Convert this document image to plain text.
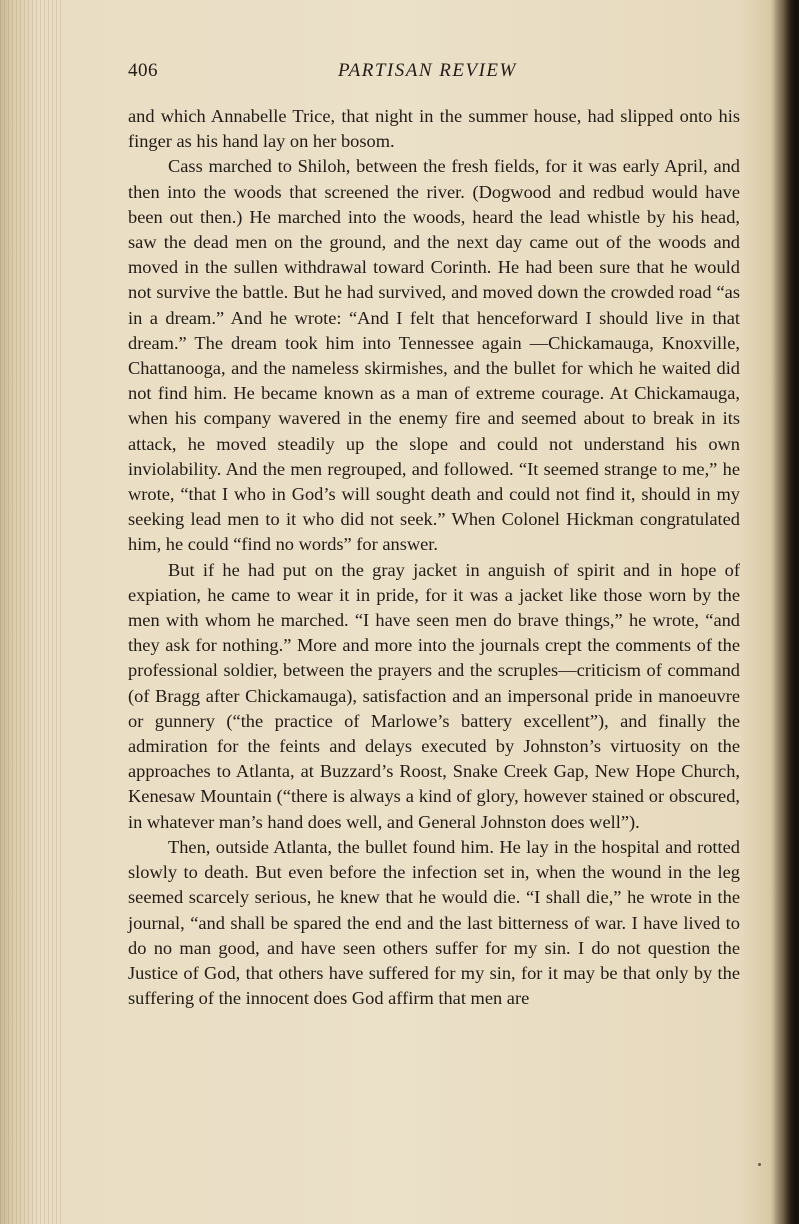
406	PARTISAN REVIEW

and which Annabelle Trice, that night in the summer house, had slipped onto his finger as his hand lay on her bosom.

Cass marched to Shiloh, between the fresh fields, for it was early April, and then into the woods that screened the river. (Dogwood and redbud would have been out then.) He marched into the woods, heard the lead whistle by his head, saw the dead men on the ground, and the next day came out of the woods and moved in the sullen withdrawal toward Corinth. He had been sure that he would not survive the battle. But he had survived, and moved down the crowded road “as in a dream.” And he wrote: “And I felt that henceforward I should live in that dream.” The dream took him into Tennessee again —Chickamauga, Knoxville, Chattanooga, and the nameless skirmishes, and the bullet for which he waited did not find him. He became known as a man of extreme courage. At Chickamauga, when his company wavered in the enemy fire and seemed about to break in its attack, he moved steadily up the slope and could not understand his own inviolability. And the men regrouped, and followed. “It seemed strange to me,” he wrote, “that I who in God’s will sought death and could not find it, should in my seeking lead men to it who did not seek.” When Colonel Hickman congratulated him, he could “find no words” for answer.

But if he had put on the gray jacket in anguish of spirit and in hope of expiation, he came to wear it in pride, for it was a jacket like those worn by the men with whom he marched. “I have seen men do brave things,” he wrote, “and they ask for nothing.” More and more into the journals crept the comments of the professional soldier, between the prayers and the scruples—criticism of command (of Bragg after Chickamauga), satisfaction and an impersonal pride in manoeuvre or gunnery (“the practice of Marlowe’s battery excellent”), and finally the admiration for the feints and delays executed by Johnston’s virtuosity on the approaches to Atlanta, at Buzzard’s Roost, Snake Creek Gap, New Hope Church, Kenesaw Mountain (“there is always a kind of glory, however stained or obscured, in whatever man’s hand does well, and General Johnston does well”).

Then, outside Atlanta, the bullet found him. He lay in the hospital and rotted slowly to death. But even before the infection set in, when the wound in the leg seemed scarcely serious, he knew that he would die. “I shall die,” he wrote in the journal, “and shall be spared the end and the last bitterness of war. I have lived to do no man good, and have seen others suffer for my sin. I do not question the Justice of God, that others have suffered for my sin, for it may be that only by the suffering of the innocent does God affirm that men are
